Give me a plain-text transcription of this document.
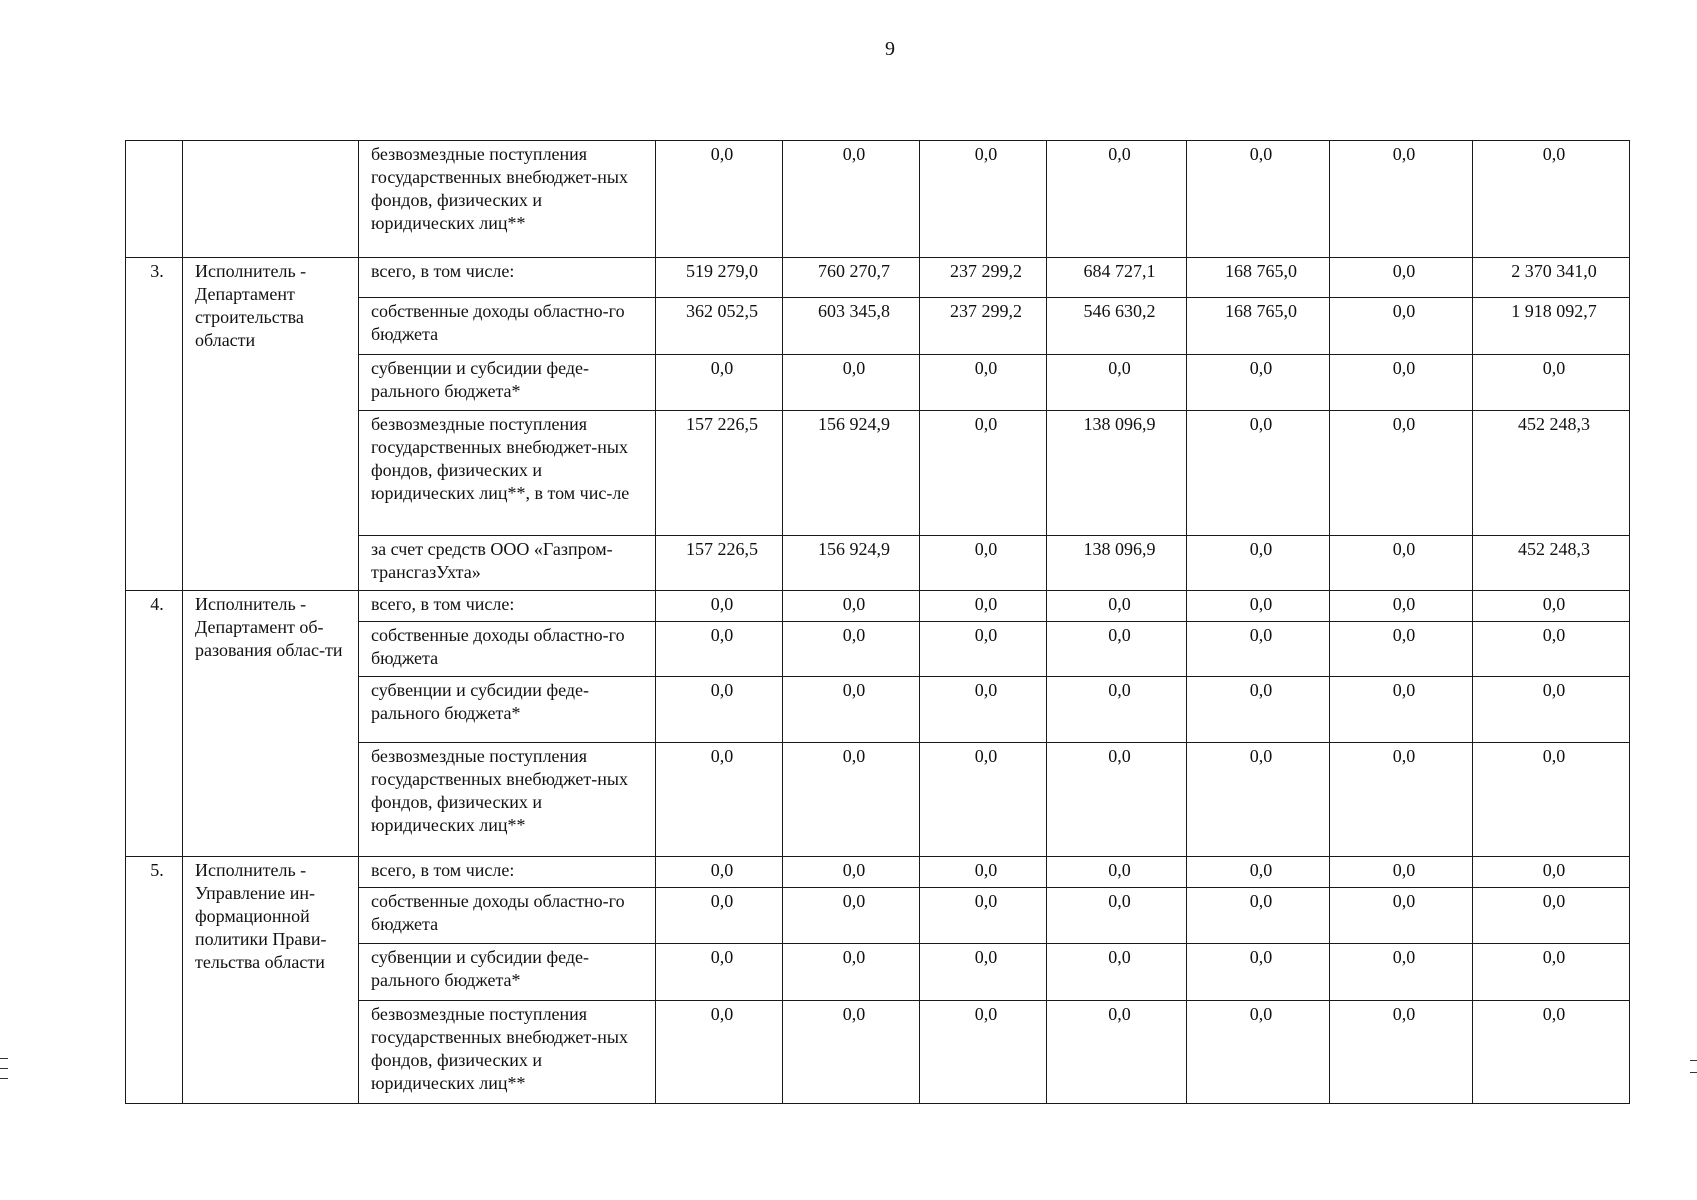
9
		безвозмездные поступления государственных внебюджет-ных фондов, физических и юридических лиц**	0,0	0,0	0,0	0,0	0,0	0,0	0,0
3.	Исполнитель - Департамент строительства области	всего, в том числе:	519 279,0	760 270,7	237 299,2	684 727,1	168 765,0	0,0	2 370 341,0
		собственные доходы областно-го бюджета	362 052,5	603 345,8	237 299,2	546 630,2	168 765,0	0,0	1 918 092,7
		субвенции и субсидии феде-рального бюджета*	0,0	0,0	0,0	0,0	0,0	0,0	0,0
		безвозмездные поступления государственных внебюджет-ных фондов, физических и юридических лиц**, в том чис-ле	157 226,5	156 924,9	0,0	138 096,9	0,0	0,0	452 248,3
		за счет средств ООО «Газпром-трансгазУхта»	157 226,5	156 924,9	0,0	138 096,9	0,0	0,0	452 248,3
4.	Исполнитель - Департамент об-разования облас-ти	всего, в том числе:	0,0	0,0	0,0	0,0	0,0	0,0	0,0
		собственные доходы областно-го бюджета	0,0	0,0	0,0	0,0	0,0	0,0	0,0
		субвенции и субсидии феде-рального бюджета*	0,0	0,0	0,0	0,0	0,0	0,0	0,0
		безвозмездные поступления государственных внебюджет-ных фондов, физических и юридических лиц**	0,0	0,0	0,0	0,0	0,0	0,0	0,0
5.	Исполнитель - Управление ин-формационной политики Прави-тельства области	всего, в том числе:	0,0	0,0	0,0	0,0	0,0	0,0	0,0
		собственные доходы областно-го бюджета	0,0	0,0	0,0	0,0	0,0	0,0	0,0
		субвенции и субсидии феде-рального бюджета*	0,0	0,0	0,0	0,0	0,0	0,0	0,0
		безвозмездные поступления государственных внебюджет-ных фондов, физических и юридических лиц**	0,0	0,0	0,0	0,0	0,0	0,0	0,0
